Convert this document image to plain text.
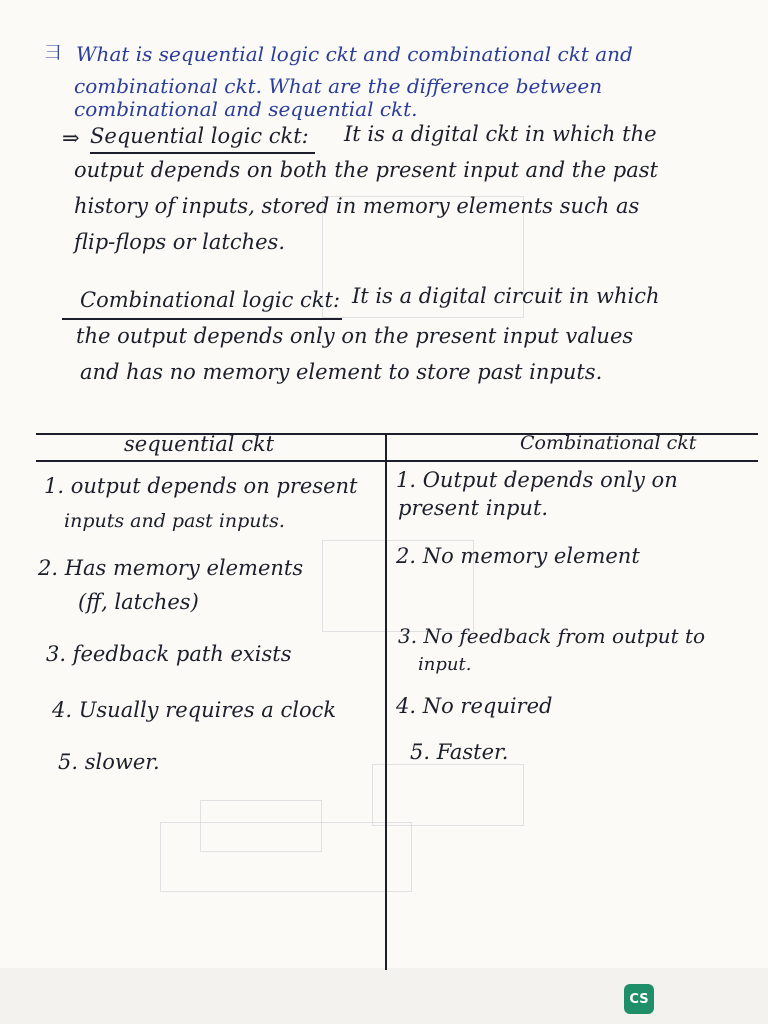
彐 What is sequential logic ckt and combinational ckt and
combinational ckt. What are the difference between
combinational and sequential ckt.
⇒ Sequential logic ckt: It is a digital ckt in which the
output depends on both the present input and the past
history of inputs, stored in memory elements such as
flip-flops or latches.
Combinational logic ckt: It is a digital circuit in which
the output depends only on the present input values
and has no memory element to store past inputs.
sequential ckt	Combinational ckt
1. output depends on present
inputs and past inputs.
2. Has memory elements
(ff, latches)
3. feedback path exists
4. Usually requires a clock
5. slower.
1. Output depends only on
present input.
2. No memory element
3. No feedback from output to
input.
4. No required
5. Faster.
CS
